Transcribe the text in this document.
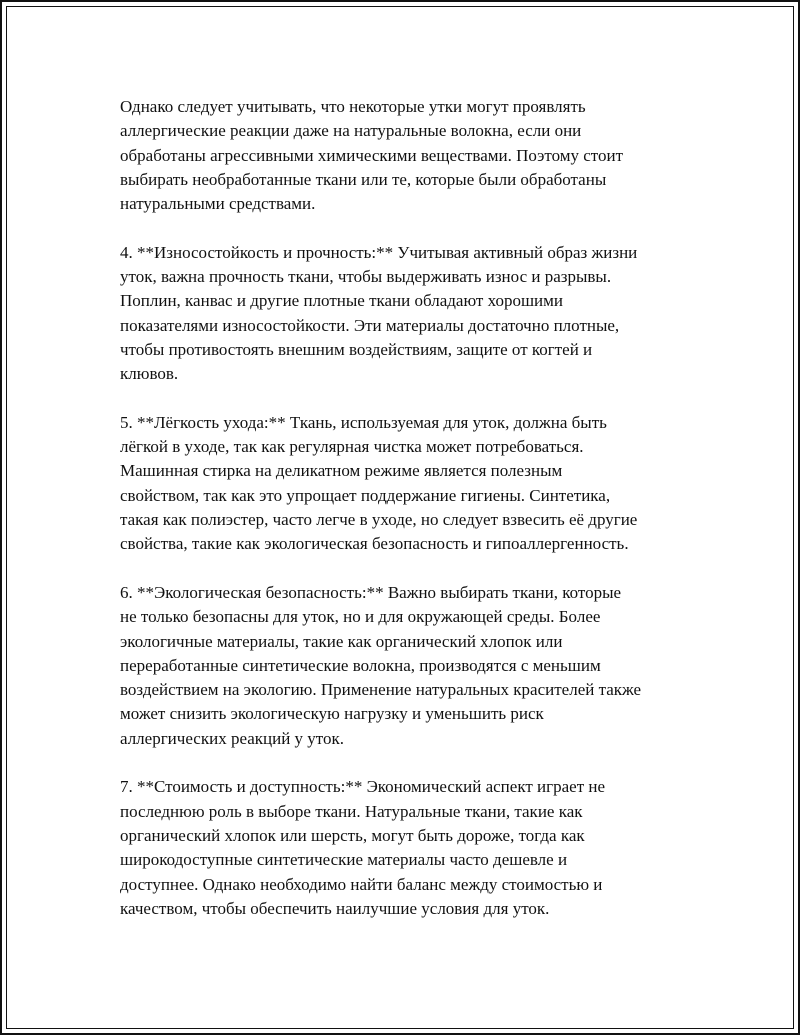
Однако следует учитывать, что некоторые утки могут проявлять
аллергические реакции даже на натуральные волокна, если они
обработаны агрессивными химическими веществами. Поэтому стоит
выбирать необработанные ткани или те, которые были обработаны
натуральными средствами.
4. **Износостойкость и прочность:** Учитывая активный образ жизни
уток, важна прочность ткани, чтобы выдерживать износ и разрывы.
Поплин, канвас и другие плотные ткани обладают хорошими
показателями износостойкости. Эти материалы достаточно плотные,
чтобы противостоять внешним воздействиям, защите от когтей и
клювов.
5. **Лёгкость ухода:** Ткань, используемая для уток, должна быть
лёгкой в уходе, так как регулярная чистка может потребоваться.
Машинная стирка на деликатном режиме является полезным
свойством, так как это упрощает поддержание гигиены. Синтетика,
такая как полиэстер, часто легче в уходе, но следует взвесить её другие
свойства, такие как экологическая безопасность и гипоаллергенность.
6. **Экологическая безопасность:** Важно выбирать ткани, которые
не только безопасны для уток, но и для окружающей среды. Более
экологичные материалы, такие как органический хлопок или
переработанные синтетические волокна, производятся с меньшим
воздействием на экологию. Применение натуральных красителей также
может снизить экологическую нагрузку и уменьшить риск
аллергических реакций у уток.
7. **Стоимость и доступность:** Экономический аспект играет не
последнюю роль в выборе ткани. Натуральные ткани, такие как
органический хлопок или шерсть, могут быть дороже, тогда как
широкодоступные синтетические материалы часто дешевле и
доступнее. Однако необходимо найти баланс между стоимостью и
качеством, чтобы обеспечить наилучшие условия для уток.
